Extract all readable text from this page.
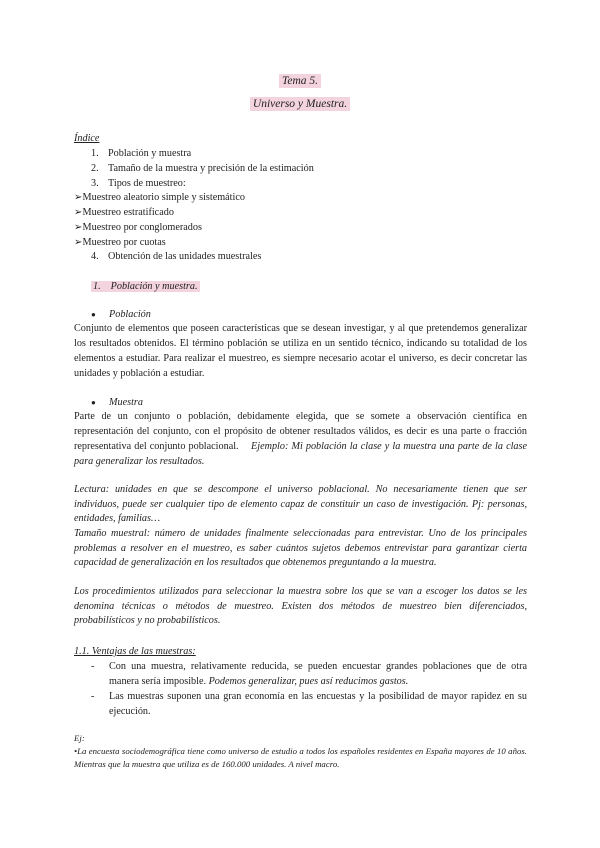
Tema 5.
Universo y Muestra.
Índice
1. Población y muestra
2. Tamaño de la muestra y precisión de la estimación
3. Tipos de muestreo:
➢Muestreo aleatorio simple y sistemático
➢Muestreo estratificado
➢Muestreo por conglomerados
➢Muestreo por cuotas
4. Obtención de las unidades muestrales
1. Población y muestra.
● Población
Conjunto de elementos que poseen características que se desean investigar, y al que pretendemos generalizar los resultados obtenidos. El término población se utiliza en un sentido técnico, indicando su totalidad de los elementos a estudiar. Para realizar el muestreo, es siempre necesario acotar el universo, es decir concretar las unidades y población a estudiar.
● Muestra
Parte de un conjunto o población, debidamente elegida, que se somete a observación científica en representación del conjunto, con el propósito de obtener resultados válidos, es decir es una parte o fracción representativa del conjunto poblacional. Ejemplo: Mi población la clase y la muestra una parte de la clase para generalizar los resultados.
Lectura: unidades en que se descompone el universo poblacional. No necesariamente tienen que ser individuos, puede ser cualquier tipo de elemento capaz de constituir un caso de investigación. Pj: personas, entidades, familias…
Tamaño muestral: número de unidades finalmente seleccionadas para entrevistar. Uno de los principales problemas a resolver en el muestreo, es saber cuántos sujetos debemos entrevistar para garantizar cierta capacidad de generalización en los resultados que obtenemos preguntando a la muestra.
Los procedimientos utilizados para seleccionar la muestra sobre los que se van a escoger los datos se les denomina técnicas o métodos de muestreo. Existen dos métodos de muestreo bien diferenciados, probabilísticos y no probabilísticos.
1.1. Ventajas de las muestras:
- Con una muestra, relativamente reducida, se pueden encuestar grandes poblaciones que de otra manera sería imposible. Podemos generalizar, pues así reducimos gastos.
- Las muestras suponen una gran economía en las encuestas y la posibilidad de mayor rapidez en su ejecución.
Ej:
•La encuesta sociodemográfica tiene como universo de estudio a todos los españoles residentes en España mayores de 10 años. Mientras que la muestra que utiliza es de 160.000 unidades. A nivel macro.
